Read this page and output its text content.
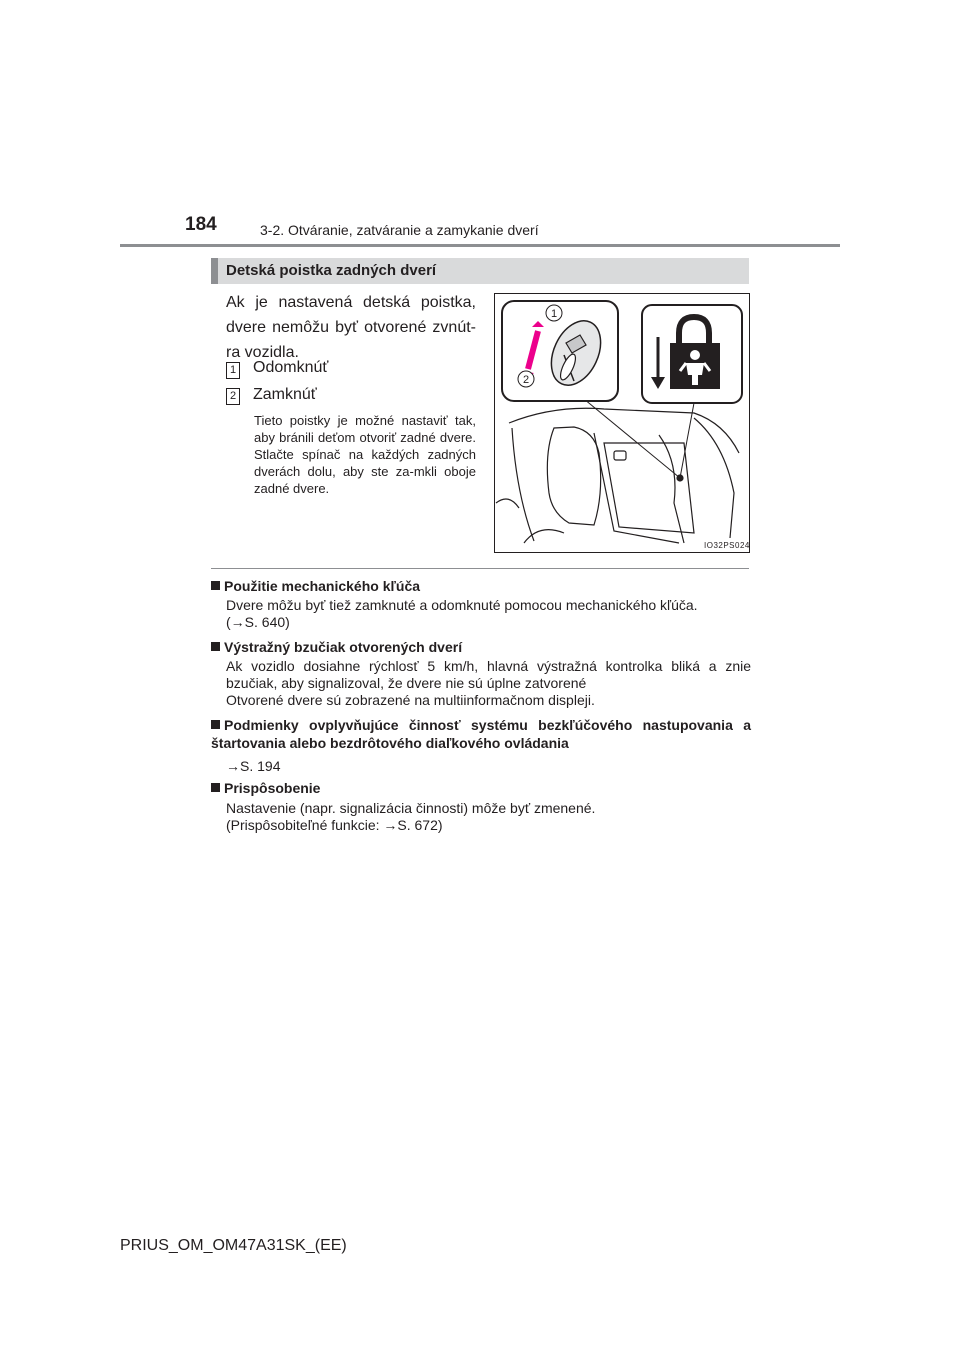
184	3-2. Otváranie, zatváranie a zamykanie dverí
Detská poistka zadných dverí
Ak je nastavená detská poistka, dvere nemôžu byť otvorené zvnút-ra vozidla.
1 Odomknúť
2 Zamknúť
Tieto poistky je možné nastaviť tak, aby bránili deťom otvoriť zadné dvere. Stlačte spínač na každých zadných dverách dolu, aby ste za-mkli oboje zadné dvere.
1
2
IO32PS024
Použitie mechanického kľúča
Dvere môžu byť tiež zamknuté a odomknuté pomocou mechanického kľúča.
(→S. 640)
Výstražný bzučiak otvorených dverí
Ak vozidlo dosiahne rýchlosť 5 km/h, hlavná výstražná kontrolka bliká a znie bzučiak, aby signalizoval, že dvere nie sú úplne zatvorené
Otvorené dvere sú zobrazené na multiinformačnom displeji.
Podmienky ovplyvňujúce činnosť systému bezkľúčového nastupovania a štartovania alebo bezdrôtového diaľkového ovládania
→S. 194
Prispôsobenie
Nastavenie (napr. signalizácia činnosti) môže byť zmenené.
(Prispôsobiteľné funkcie: →S. 672)
PRIUS_OM_OM47A31SK_(EE)
